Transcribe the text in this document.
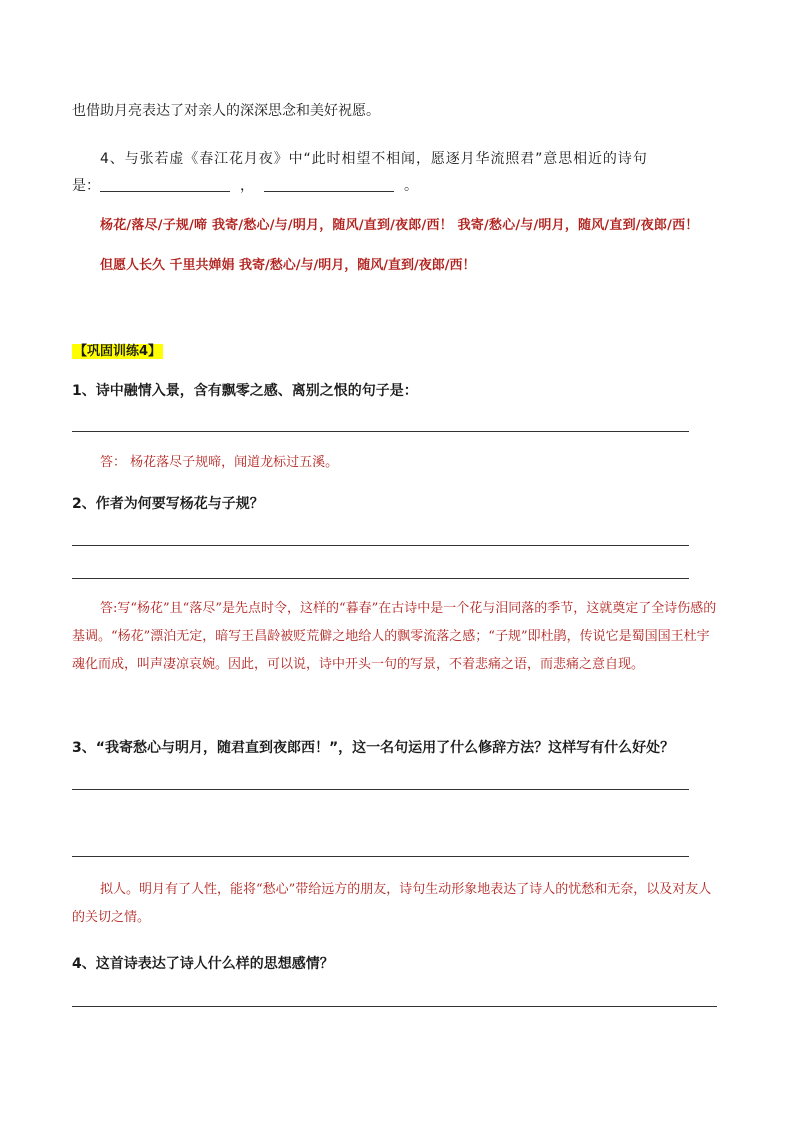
也借助月亮表达了对亲人的深深思念和美好祝愿。
4、与张若虚《春江花月夜》中“此时相望不相闻，愿逐月华流照君”意思相近的诗句
是：	，	。
杨花/落尽/子规/啼 我寄/愁心/与/明月，随风/直到/夜郎/西！ 我寄/愁心/与/明月，随风/直到/夜郎/西！
但愿人长久 千里共婵娟 我寄/愁心/与/明月，随风/直到/夜郎/西！
【巩固训练4】
1、诗中融情入景，含有飘零之感、离别之恨的句子是：
答： 杨花落尽子规啼，闻道龙标过五溪。
2、作者为何要写杨花与子规？
答:写“杨花”且“落尽”是先点时令，这样的“暮春”在古诗中是一个花与泪同落的季节，这就奠定了全诗伤感的基调。“杨花”漂泊无定，暗写王昌龄被贬荒僻之地给人的飘零流落之感；“子规”即杜鹃，传说它是蜀国国王杜宇魂化而成，叫声凄凉哀婉。因此，可以说，诗中开头一句的写景，不着悲痛之语，而悲痛之意自现。
3、“我寄愁心与明月，随君直到夜郎西！”，这一名句运用了什么修辞方法？这样写有什么好处？
拟人。明月有了人性，能将“愁心”带给远方的朋友，诗句生动形象地表达了诗人的忧愁和无奈，以及对友人的关切之情。
4、这首诗表达了诗人什么样的思想感情？
